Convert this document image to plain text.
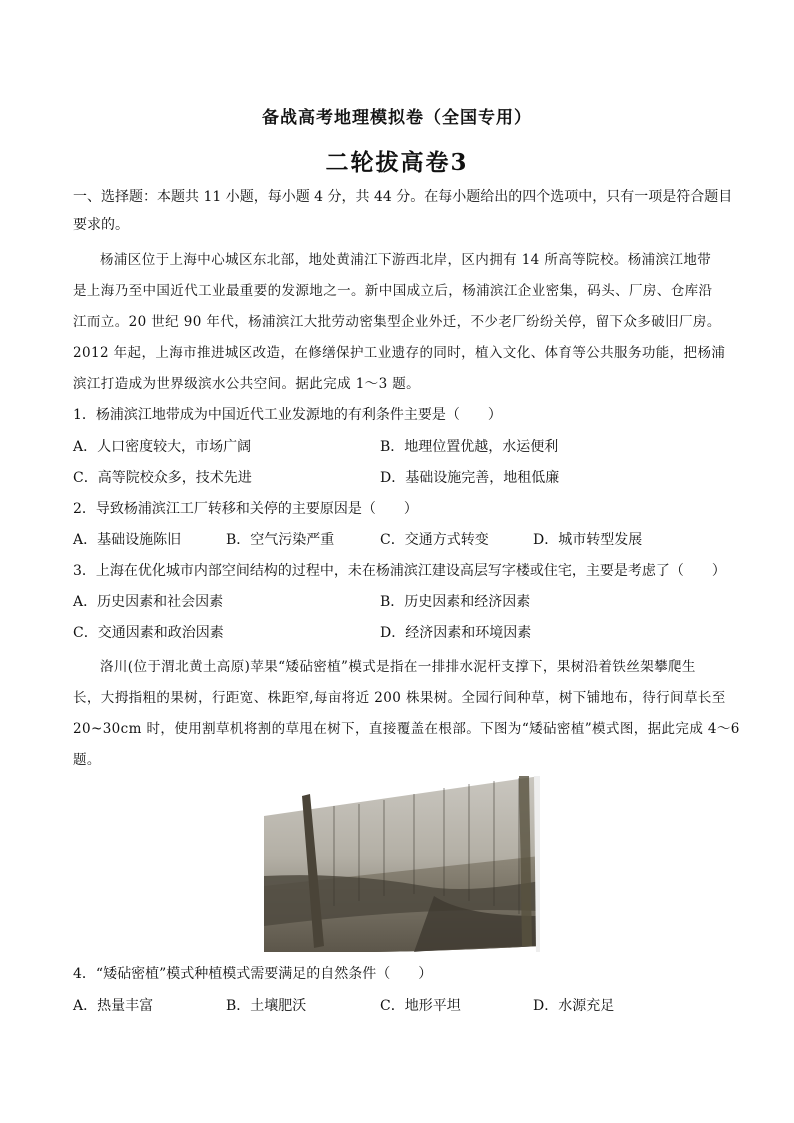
备战高考地理模拟卷（全国专用）
二轮拔高卷3
一、选择题：本题共 11 小题，每小题 4 分，共 44 分。在每小题给出的四个选项中，只有一项是符合题目
要求的。
杨浦区位于上海中心城区东北部，地处黄浦江下游西北岸，区内拥有 14 所高等院校。杨浦滨江地带
是上海乃至中国近代工业最重要的发源地之一。新中国成立后，杨浦滨江企业密集，码头、厂房、仓库沿
江而立。20 世纪 90 年代，杨浦滨江大批劳动密集型企业外迁，不少老厂纷纷关停，留下众多破旧厂房。
2012 年起，上海市推进城区改造，在修缮保护工业遗存的同时，植入文化、体育等公共服务功能，把杨浦
滨江打造成为世界级滨水公共空间。据此完成 1～3 题。
1．杨浦滨江地带成为中国近代工业发源地的有利条件主要是（　　）
A．人口密度较大，市场广阔	B．地理位置优越，水运便利
C．高等院校众多，技术先进	D．基础设施完善，地租低廉
2．导致杨浦滨江工厂转移和关停的主要原因是（　　）
A．基础设施陈旧	B．空气污染严重	C．交通方式转变	D．城市转型发展
3．上海在优化城市内部空间结构的过程中，未在杨浦滨江建设高层写字楼或住宅，主要是考虑了（　　）
A．历史因素和社会因素	B．历史因素和经济因素
C．交通因素和政治因素	D．经济因素和环境因素
洛川(位于渭北黄土高原)苹果“矮砧密植”模式是指在一排排水泥杆支撑下，果树沿着铁丝架攀爬生
长，大拇指粗的果树，行距宽、株距窄,每亩将近 200 株果树。全园行间种草，树下铺地布，待行间草长至
20~30cm 时，使用割草机将割的草甩在树下，直接覆盖在根部。下图为“矮砧密植”模式图，据此完成 4～6
题。
4．“矮砧密植”模式种植模式需要满足的自然条件（　　）
A．热量丰富	B．土壤肥沃	C．地形平坦	D．水源充足
